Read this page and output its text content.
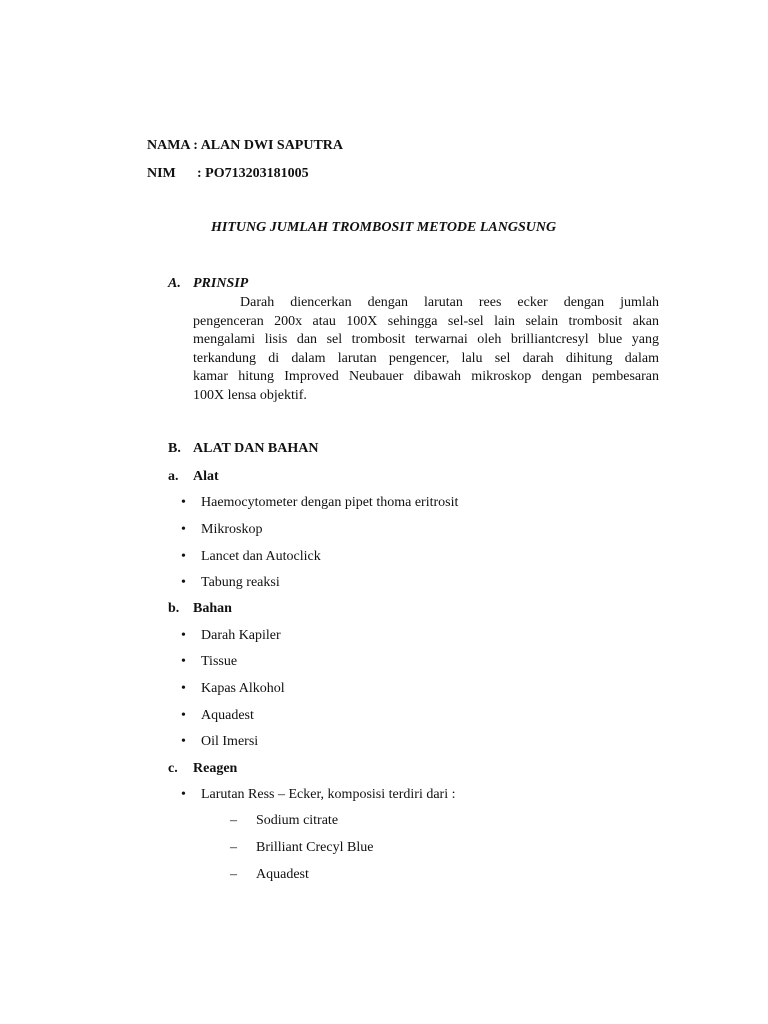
NAMA : ALAN DWI SAPUTRA
NIM : PO713203181005
HITUNG JUMLAH TROMBOSIT METODE LANGSUNG
A. PRINSIP
Darah diencerkan dengan larutan rees ecker dengan jumlah
pengenceran 200x atau 100X sehingga sel-sel lain selain trombosit akan
mengalami lisis dan sel trombosit terwarnai oleh brilliantcresyl blue yang
terkandung di dalam larutan pengencer, lalu sel darah dihitung dalam
kamar hitung Improved Neubauer dibawah mikroskop dengan pembesaran
100X lensa objektif.
B. ALAT DAN BAHAN
a. Alat
• Haemocytometer dengan pipet thoma eritrosit
• Mikroskop
• Lancet dan Autoclick
• Tabung reaksi
b. Bahan
• Darah Kapiler
• Tissue
• Kapas Alkohol
• Aquadest
• Oil Imersi
c. Reagen
• Larutan Ress – Ecker, komposisi terdiri dari :
– Sodium citrate
– Brilliant Crecyl Blue
– Aquadest
